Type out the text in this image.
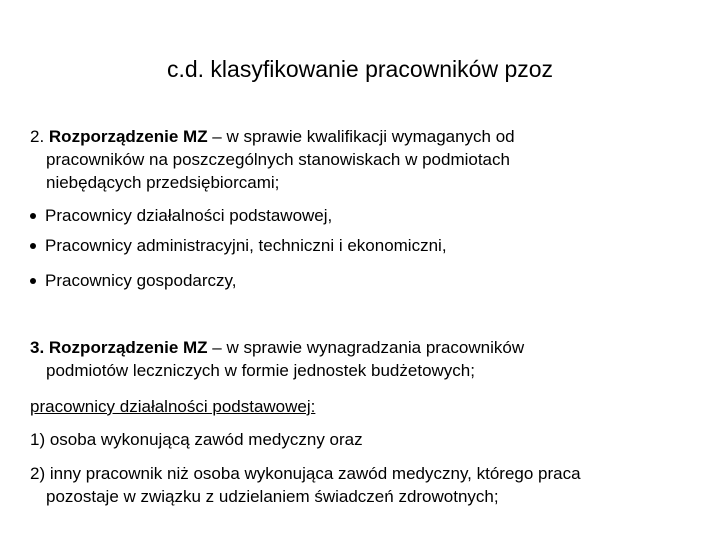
c.d. klasyfikowanie pracowników pzoz
2. Rozporządzenie MZ – w sprawie kwalifikacji wymaganych od
pracowników na poszczególnych stanowiskach w podmiotach
niebędących przedsiębiorcami;
Pracownicy działalności podstawowej,
Pracownicy administracyjni, techniczni i ekonomiczni,
Pracownicy gospodarczy,
3. Rozporządzenie MZ – w sprawie wynagradzania pracowników
podmiotów leczniczych w formie jednostek budżetowych;
pracownicy działalności podstawowej:
1) osoba wykonującą zawód medyczny oraz
2) inny pracownik niż osoba wykonująca zawód medyczny, którego praca
pozostaje w związku z udzielaniem świadczeń zdrowotnych;
